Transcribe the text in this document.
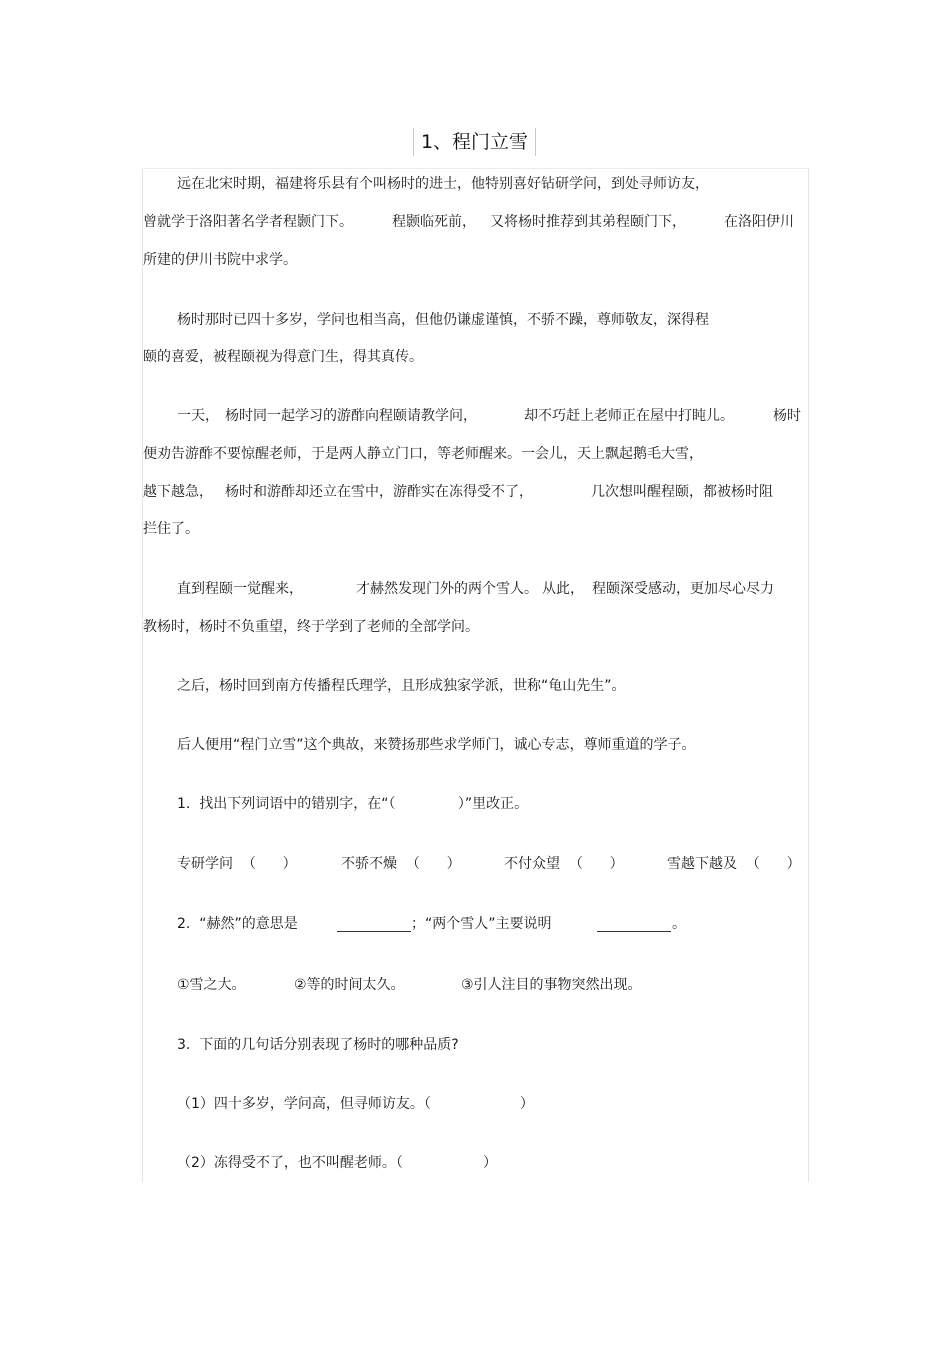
1、程门立雪
远在北宋时期，福建将乐县有个叫杨时的进士，他特别喜好钻研学问，到处寻师访友，
曾就学于洛阳著名学者程颢门下。	程颢临死前， 又将杨时推荐到其弟程颐门下，	在洛阳伊川
所建的伊川书院中求学。
杨时那时已四十多岁，学问也相当高，但他仍谦虚谨慎，不骄不躁，尊师敬友，深得程
颐的喜爱，被程颐视为得意门生，得其真传。
一天， 杨时同一起学习的游酢向程颐请教学问，	却不巧赶上老师正在屋中打盹儿。	杨时
便劝告游酢不要惊醒老师，于是两人静立门口，等老师醒来。一会儿，天上飘起鹅毛大雪，
越下越急， 杨时和游酢却还立在雪中，游酢实在冻得受不了，	几次想叫醒程颐，都被杨时阻
拦住了。
直到程颐一觉醒来，	才赫然发现门外的两个雪人。 从此， 程颐深受感动，更加尽心尽力
教杨时，杨时不负重望，终于学到了老师的全部学问。
之后，杨时回到南方传播程氏理学，且形成独家学派，世称“龟山先生”。
后人便用“程门立雪”这个典故，来赞扬那些求学师门，诚心专志，尊师重道的学子。
1.  找出下列词语中的错别字，在“（              ）”里改正。
专研学问  （      ）	不骄不燥  （      ）	不付众望  （      ）	雪越下越及  （      ）
2.  “赫然”的意思是	；“两个雪人”主要说明	。
①雪之大。	②等的时间太久。	③引人注目的事物突然出现。
3.  下面的几句话分别表现了杨时的哪种品质?
（1）四十多岁，学问高，但寻师访友。（                    ）
（2）冻得受不了，也不叫醒老师。（                  ）
